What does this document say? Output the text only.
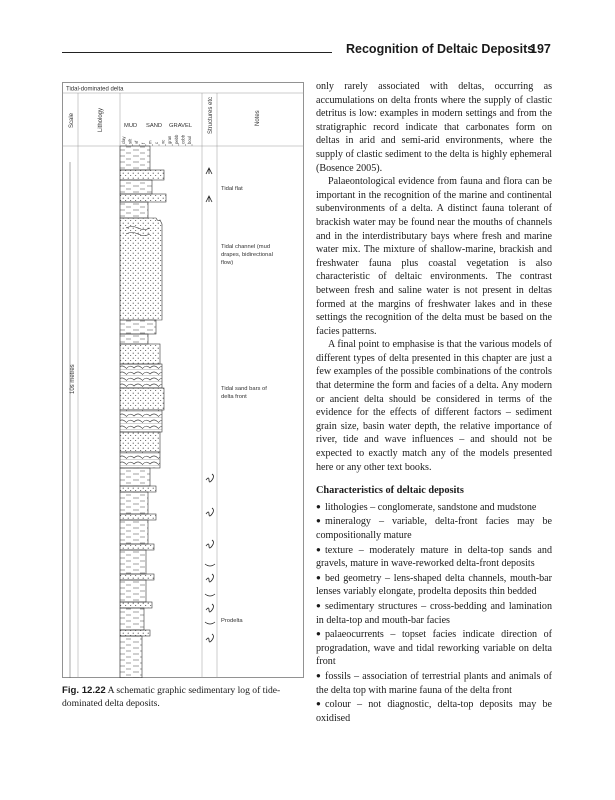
Recognition of Deltaic Deposits
197
Tidal-dominated delta
Scale	Lithology	Structures etc	Notes
MUD SAND GRAVEL
clay silt vf f m c vc gran pebb cobb boul
10s metres
Tidal flat
Tidal channel (mud drapes, bidirectional flow)
Tidal sand bars of delta front
Prodelta
Fig. 12.22 A schematic graphic sedimentary log of tide-dominated delta deposits.

only rarely associated with deltas, occurring as accumulations on delta fronts where the supply of clastic detritus is low: examples in modern settings and from the stratigraphic record indicate that carbonates form on deltas in arid and semi-arid environments, where the supply of clastic sediment to the delta is highly ephemeral (Bosence 2005).

Palaeontological evidence from fauna and flora can be important in the recognition of the marine and continental subenvironments of a delta. A distinct fauna tolerant of brackish water may be found near the mouths of channels and in the interdistributary bays where fresh and marine water mix. The mixture of shallow-marine, brackish and freshwater fauna plus coastal vegetation is also characteristic of deltaic environments. The contrast between fresh and saline water is not present in deltas formed at the margins of freshwater lakes and in these settings the recognition of the delta must be based on the facies patterns.

A final point to emphasise is that the various models of different types of delta presented in this chapter are just a few examples of the possible combinations of the controls that determine the form and facies of a delta. Any modern or ancient delta should be considered in terms of the evidence for the effects of different factors – sediment grain size, basin water depth, the relative importance of river, tide and wave influences – and should not be expected to exactly match any of the models presented here or any other text books.

Characteristics of deltaic deposits
● lithologies – conglomerate, sandstone and mudstone
● mineralogy – variable, delta-front facies may be compositionally mature
● texture – moderately mature in delta-top sands and gravels, mature in wave-reworked delta-front deposits
● bed geometry – lens-shaped delta channels, mouth-bar lenses variably elongate, prodelta deposits thin bedded
● sedimentary structures – cross-bedding and lamination in delta-top and mouth-bar facies
● palaeocurrents – topset facies indicate direction of progradation, wave and tidal reworking variable on delta front
● fossils – association of terrestrial plants and animals of the delta top with marine fauna of the delta front
● colour – not diagnostic, delta-top deposits may be oxidised
